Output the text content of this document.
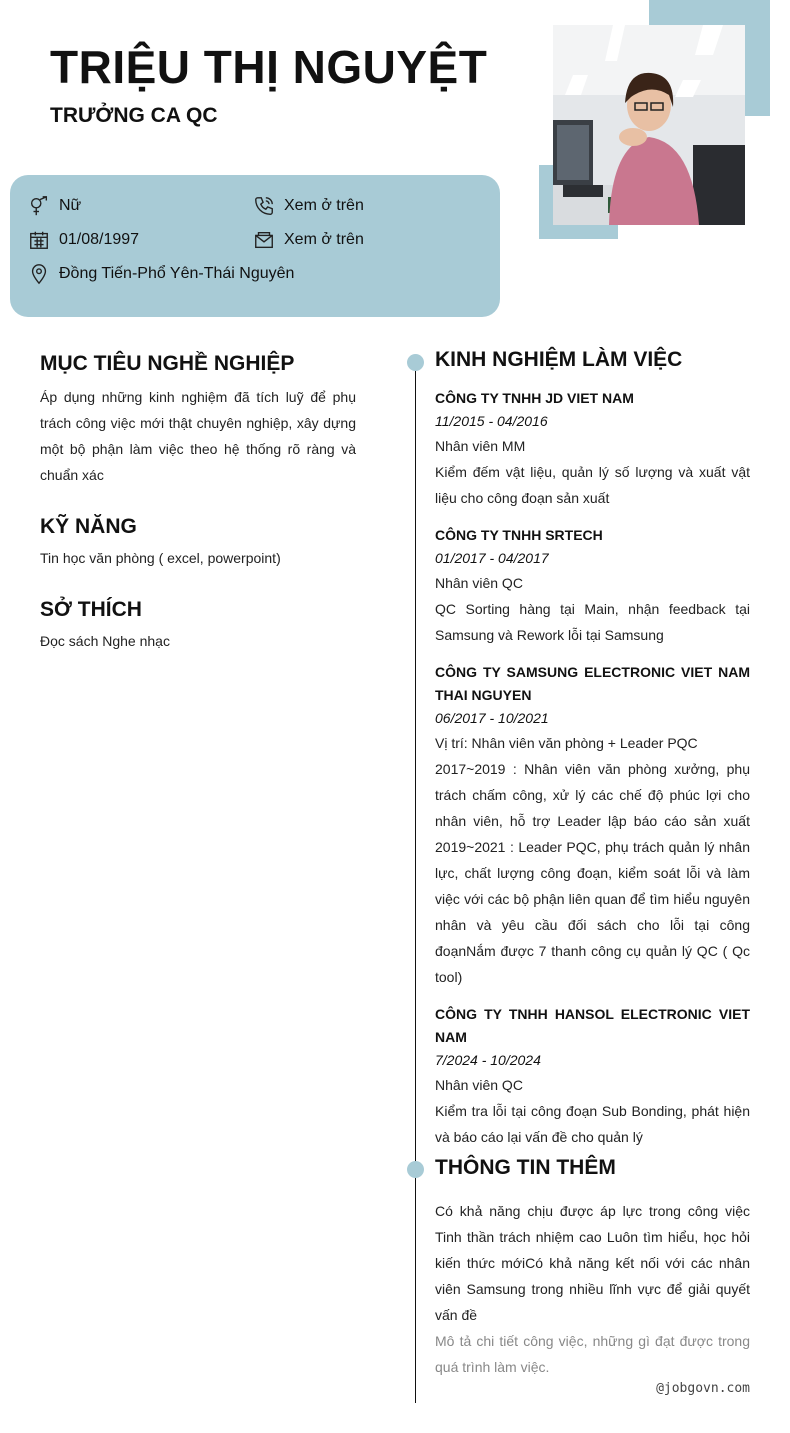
TRIỆU THỊ NGUYỆT
TRƯỞNG CA QC
Nữ
01/08/1997
Đồng Tiến-Phổ Yên-Thái Nguyên
Xem ở trên
Xem ở trên
MỤC TIÊU NGHỀ NGHIỆP
Áp dụng những kinh nghiệm đã tích luỹ để phụ trách công việc mới thật chuyên nghiệp, xây dựng một bộ phận làm việc theo hệ thống rõ ràng và chuẩn xác
KỸ NĂNG
Tin học văn phòng ( excel, powerpoint)
SỞ THÍCH
Đọc sách Nghe nhạc
KINH NGHIỆM LÀM VIỆC
CÔNG TY TNHH JD VIET NAM
11/2015 - 04/2016
Nhân viên MM
Kiểm đếm vật liệu, quản lý số lượng và xuất vật liệu cho công đoạn sản xuất
CÔNG TY TNHH SRTECH
01/2017 - 04/2017
Nhân viên QC
QC Sorting hàng tại Main, nhận feedback tại Samsung và Rework lỗi tại Samsung
CÔNG TY SAMSUNG ELECTRONIC VIET NAM THAI NGUYEN
06/2017 - 10/2021
Vị trí: Nhân viên văn phòng + Leader PQC
2017~2019 : Nhân viên văn phòng xưởng, phụ trách chấm công, xử lý các chế độ phúc lợi cho nhân viên, hỗ trợ Leader lập báo cáo sản xuất 2019~2021 : Leader PQC, phụ trách quản lý nhân lực, chất lượng công đoạn, kiểm soát lỗi và làm việc với các bộ phận liên quan để tìm hiểu nguyên nhân và yêu cầu đối sách cho lỗi tại công đoạnNắm được 7 thanh công cụ quản lý QC ( Qc tool)
CÔNG TY TNHH HANSOL ELECTRONIC VIET NAM
7/2024 - 10/2024
Nhân viên QC
Kiểm tra lỗi tại công đoạn Sub Bonding, phát hiện và báo cáo lại vấn đề cho quản lý
THÔNG TIN THÊM
Có khả năng chịu được áp lực trong công việc Tinh thần trách nhiệm cao Luôn tìm hiểu, học hỏi kiến thức mớiCó khả năng kết nối với các nhân viên Samsung trong nhiều lĩnh vực để giải quyết vấn đề
Mô tả chi tiết công việc, những gì đạt được trong quá trình làm việc.
@jobgovn.com
